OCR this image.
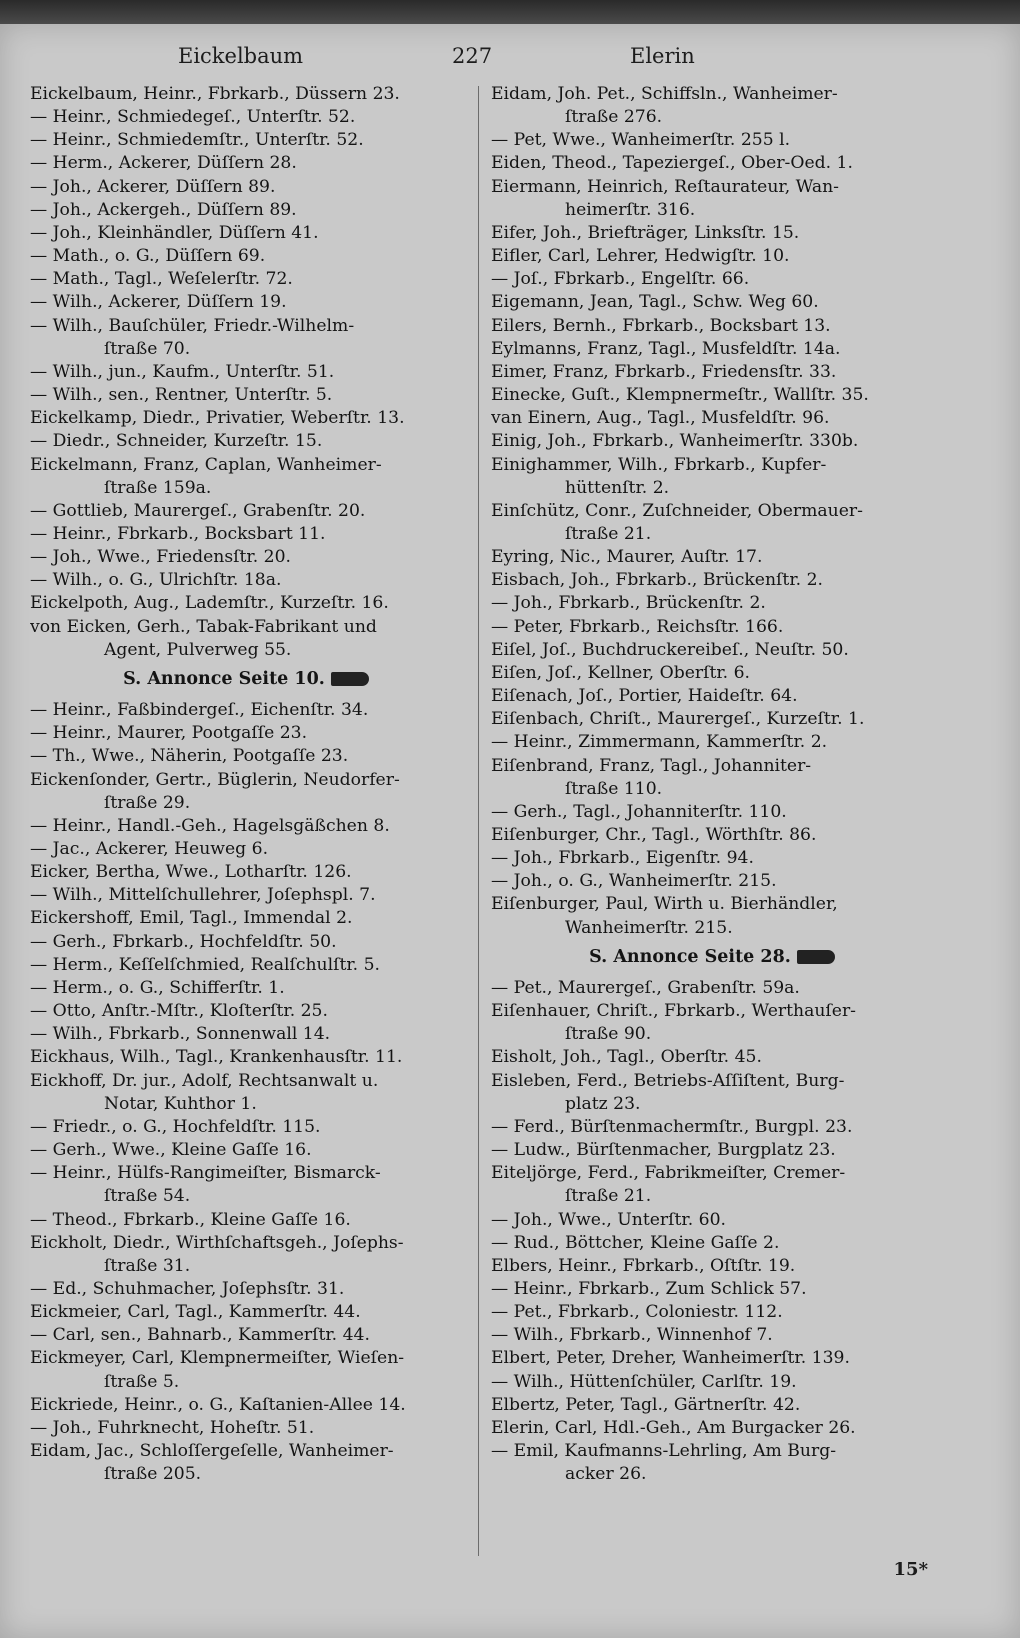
Eickelbaum	227	Elerin
Eickelbaum, Heinr., Fbrkarb., Düssern 23.
— Heinr., Schmiedegeſ., Unterſtr. 52.
— Heinr., Schmiedemſtr., Unterſtr. 52.
— Herm., Ackerer, Düſſern 28.
— Joh., Ackerer, Düſſern 89.
— Joh., Ackergeh., Düſſern 89.
— Joh., Kleinhändler, Düſſern 41.
— Math., o. G., Düſſern 69.
— Math., Tagl., Weſelerſtr. 72.
— Wilh., Ackerer, Düſſern 19.
— Wilh., Bauſchüler, Friedr.-Wilhelm-
ſtraße 70.
— Wilh., jun., Kaufm., Unterſtr. 51.
— Wilh., sen., Rentner, Unterſtr. 5.
Eickelkamp, Diedr., Privatier, Weberſtr. 13.
— Diedr., Schneider, Kurzeſtr. 15.
Eickelmann, Franz, Caplan, Wanheimer-
ſtraße 159a.
— Gottlieb, Maurergeſ., Grabenſtr. 20.
— Heinr., Fbrkarb., Bocksbart 11.
— Joh., Wwe., Friedensſtr. 20.
— Wilh., o. G., Ulrichſtr. 18a.
Eickelpoth, Aug., Lademſtr., Kurzeſtr. 16.
von Eicken, Gerh., Tabak-Fabrikant und
Agent, Pulverweg 55.
S. Annonce Seite 10.
— Heinr., Faßbindergeſ., Eichenſtr. 34.
— Heinr., Maurer, Pootgaſſe 23.
— Th., Wwe., Näherin, Pootgaſſe 23.
Eickenſonder, Gertr., Büglerin, Neudorfer-
ſtraße 29.
— Heinr., Handl.-Geh., Hagelsgäßchen 8.
— Jac., Ackerer, Heuweg 6.
Eicker, Bertha, Wwe., Lotharſtr. 126.
— Wilh., Mittelſchullehrer, Joſephspl. 7.
Eickershoff, Emil, Tagl., Immendal 2.
— Gerh., Fbrkarb., Hochfeldſtr. 50.
— Herm., Keſſelſchmied, Realſchulſtr. 5.
— Herm., o. G., Schifferſtr. 1.
— Otto, Anſtr.-Mſtr., Kloſterſtr. 25.
— Wilh., Fbrkarb., Sonnenwall 14.
Eickhaus, Wilh., Tagl., Krankenhausſtr. 11.
Eickhoff, Dr. jur., Adolf, Rechtsanwalt u.
Notar, Kuhthor 1.
— Friedr., o. G., Hochfeldſtr. 115.
— Gerh., Wwe., Kleine Gaſſe 16.
— Heinr., Hülfs-Rangimeiſter, Bismarck-
ſtraße 54.
— Theod., Fbrkarb., Kleine Gaſſe 16.
Eickholt, Diedr., Wirthſchaftsgeh., Joſephs-
ſtraße 31.
— Ed., Schuhmacher, Joſephsſtr. 31.
Eickmeier, Carl, Tagl., Kammerſtr. 44.
— Carl, sen., Bahnarb., Kammerſtr. 44.
Eickmeyer, Carl, Klempnermeiſter, Wieſen-
ſtraße 5.
Eickriede, Heinr., o. G., Kaſtanien-Allee 14.
— Joh., Fuhrknecht, Hoheſtr. 51.
Eidam, Jac., Schloſſergeſelle, Wanheimer-
ſtraße 205.
Eidam, Joh. Pet., Schiffsln., Wanheimer-
ſtraße 276.
— Pet, Wwe., Wanheimerſtr. 255 l.
Eiden, Theod., Tapeziergeſ., Ober-Oed. 1.
Eiermann, Heinrich, Reſtaurateur, Wan-
heimerſtr. 316.
Eifer, Joh., Briefträger, Linksſtr. 15.
Eifler, Carl, Lehrer, Hedwigſtr. 10.
— Joſ., Fbrkarb., Engelſtr. 66.
Eigemann, Jean, Tagl., Schw. Weg 60.
Eilers, Bernh., Fbrkarb., Bocksbart 13.
Eylmanns, Franz, Tagl., Musfeldſtr. 14a.
Eimer, Franz, Fbrkarb., Friedensſtr. 33.
Einecke, Guſt., Klempnermeſtr., Wallſtr. 35.
van Einern, Aug., Tagl., Musfeldſtr. 96.
Einig, Joh., Fbrkarb., Wanheimerſtr. 330b.
Einighammer, Wilh., Fbrkarb., Kupfer-
hüttenſtr. 2.
Einſchütz, Conr., Zuſchneider, Obermauer-
ſtraße 21.
Eyring, Nic., Maurer, Auſtr. 17.
Eisbach, Joh., Fbrkarb., Brückenſtr. 2.
— Joh., Fbrkarb., Brückenſtr. 2.
— Peter, Fbrkarb., Reichsſtr. 166.
Eiſel, Joſ., Buchdruckereibeſ., Neuſtr. 50.
Eiſen, Joſ., Kellner, Oberſtr. 6.
Eiſenach, Joſ., Portier, Haideſtr. 64.
Eiſenbach, Chriſt., Maurergeſ., Kurzeſtr. 1.
— Heinr., Zimmermann, Kammerſtr. 2.
Eiſenbrand, Franz, Tagl., Johanniter-
ſtraße 110.
— Gerh., Tagl., Johanniterſtr. 110.
Eiſenburger, Chr., Tagl., Wörthſtr. 86.
— Joh., Fbrkarb., Eigenſtr. 94.
— Joh., o. G., Wanheimerſtr. 215.
Eiſenburger, Paul, Wirth u. Bierhändler,
Wanheimerſtr. 215.
S. Annonce Seite 28.
— Pet., Maurergeſ., Grabenſtr. 59a.
Eiſenhauer, Chriſt., Fbrkarb., Werthauſer-
ſtraße 90.
Eisholt, Joh., Tagl., Oberſtr. 45.
Eisleben, Ferd., Betriebs-Aſſiſtent, Burg-
platz 23.
— Ferd., Bürſtenmachermſtr., Burgpl. 23.
— Ludw., Bürſtenmacher, Burgplatz 23.
Eiteljörge, Ferd., Fabrikmeiſter, Cremer-
ſtraße 21.
— Joh., Wwe., Unterſtr. 60.
— Rud., Böttcher, Kleine Gaſſe 2.
Elbers, Heinr., Fbrkarb., Oſtſtr. 19.
— Heinr., Fbrkarb., Zum Schlick 57.
— Pet., Fbrkarb., Coloniestr. 112.
— Wilh., Fbrkarb., Winnenhof 7.
Elbert, Peter, Dreher, Wanheimerſtr. 139.
— Wilh., Hüttenſchüler, Carlſtr. 19.
Elbertz, Peter, Tagl., Gärtnerſtr. 42.
Elerin, Carl, Hdl.-Geh., Am Burgacker 26.
— Emil, Kaufmanns-Lehrling, Am Burg-
acker 26.
15*
